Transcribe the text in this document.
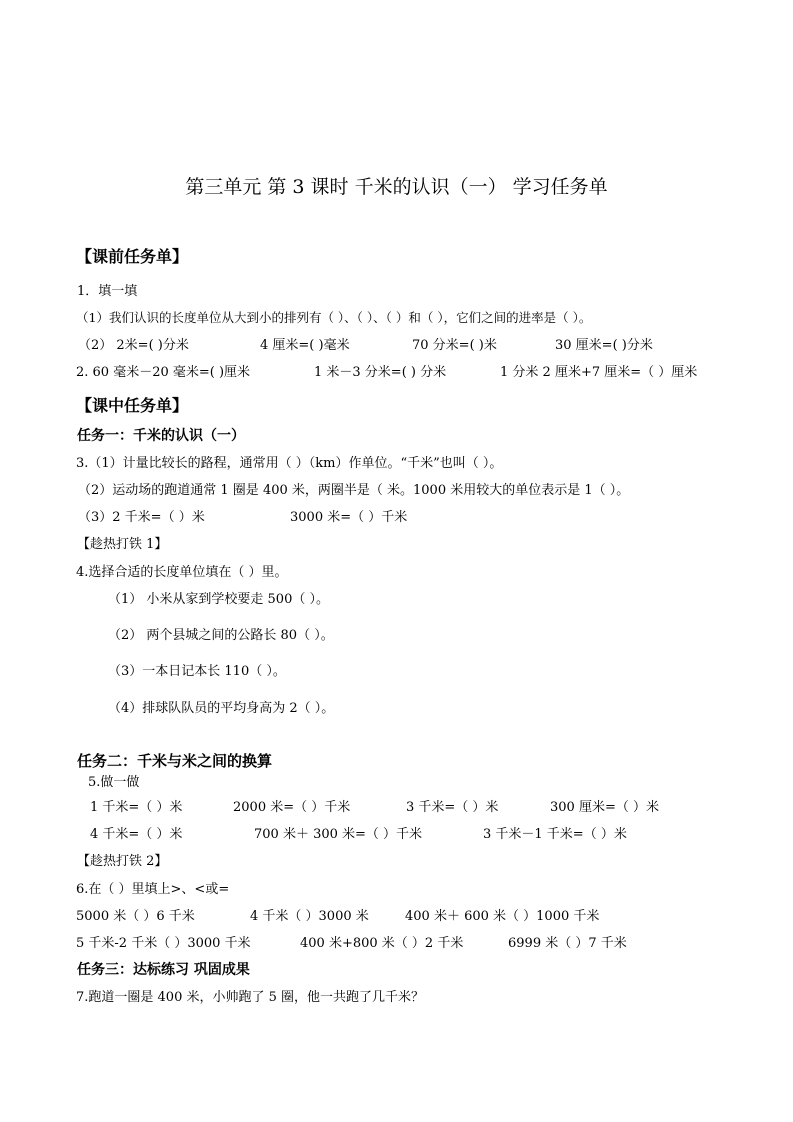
第三单元 第 3 课时 千米的认识（一） 学习任务单
【课前任务单】
1．填一填
（1）我们认识的长度单位从大到小的排列有（ ）、（ ）、（ ）和（ ），它们之间的进率是（ ）。
（2） 2米=( )分米	4 厘米=( )毫米	70 分米=( )米	30 厘米=( )分米
2. 60 毫米－20 毫米=( )厘米	1 米－3 分米=( ) 分米	1 分米 2 厘米+7 厘米=（ ）厘米
【课中任务单】
任务一：千米的认识（一）
3.（1）计量比较长的路程，通常用（ ）（km）作单位。“千米”也叫（ ）。
（2）运动场的跑道通常 1 圈是 400 米，两圈半是（ 米。1000 米用较大的单位表示是 1（ ）。
（3）2 千米=（ ）米	3000 米=（ ）千米
【趁热打铁 1】
4.选择合适的长度单位填在（ ）里。
（1） 小米从家到学校要走 500（ ）。
（2） 两个县城之间的公路长 80（ ）。
（3）一本日记本长 110（ ）。
（4）排球队队员的平均身高为 2（ ）。
任务二：千米与米之间的换算
5.做一做
1 千米=（ ）米	2000 米=（ ）千米	3 千米=（ ）米	300 厘米=（ ）米
4 千米=（ ）米	700 米＋ 300 米=（ ）千米	3 千米－1 千米=（ ）米
【趁热打铁 2】
6.在（ ）里填上>、<或=
5000 米（ ）6 千米	4 千米（ ）3000 米	400 米＋ 600 米（ ）1000 千米
5 千米-2 千米（ ）3000 千米	400 米+800 米（ ）2 千米	6999 米（ ）7 千米
任务三：达标练习 巩固成果
7.跑道一圈是 400 米，小帅跑了 5 圈，他一共跑了几千米？
